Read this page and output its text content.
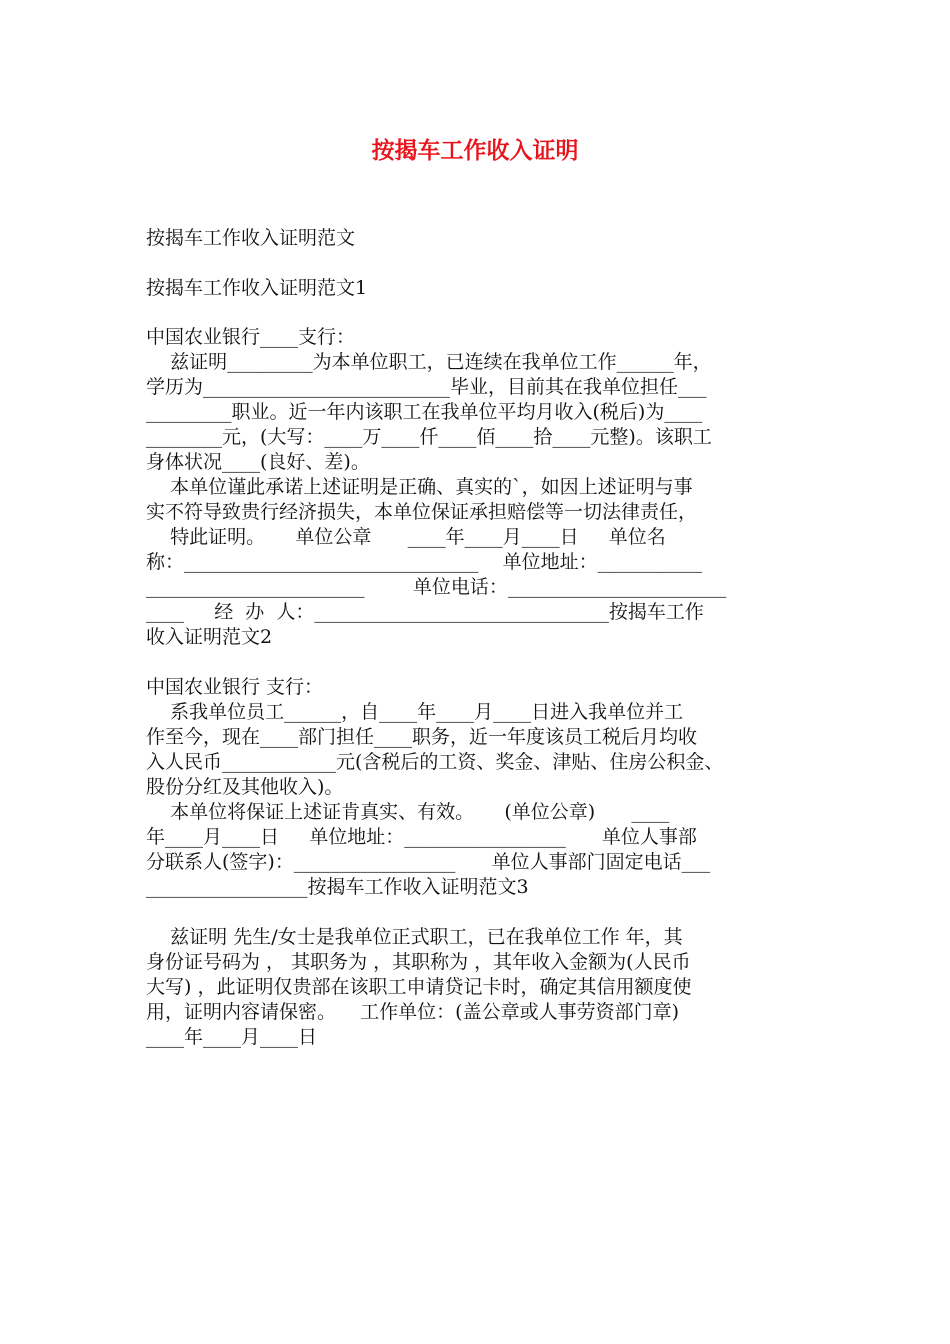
按揭车工作收入证明
按揭车工作收入证明范文
按揭车工作收入证明范文1
中国农业银行____支行：
兹证明_________为本单位职工，已连续在我单位工作______年，
学历为__________________________毕业，目前其在我单位担任___
_________职业。近一年内该职工在我单位平均月收入(税后)为____
________元，(大写：____万____仟____佰____拾____元整)。该职工
身体状况____(良好、差)。
本单位谨此承诺上述证明是正确、真实的`，如因上述证明与事
实不符导致贵行经济损失，本单位保证承担赔偿等一切法律责任，
特此证明。     单位公章      ____年____月____日     单位名
称：_______________________________    单位地址：___________
_______________________        单位电话：_______________________
____     经  办  人：_______________________________按揭车工作
收入证明范文2
中国农业银行 支行：
系我单位员工______，自____年____月____日进入我单位并工
作至今，现在____部门担任____职务，近一年度该员工税后月均收
入人民币____________元(含税后的工资、奖金、津贴、住房公积金、
股份分红及其他收入)。
本单位将保证上述证肯真实、有效。     (单位公章)      ____
年____月____日     单位地址：_________________      单位人事部
分联系人(签字)：_________________      单位人事部门固定电话___
_________________按揭车工作收入证明范文3
兹证明 先生/女士是我单位正式职工，已在我单位工作 年，其
身份证号码为 ， 其职务为 ，其职称为 ，其年收入金额为(人民币
大写) ，此证明仅贵部在该职工申请贷记卡时，确定其信用额度使
用，证明内容请保密。    工作单位：(盖公章或人事劳资部门章)
____年____月____日
